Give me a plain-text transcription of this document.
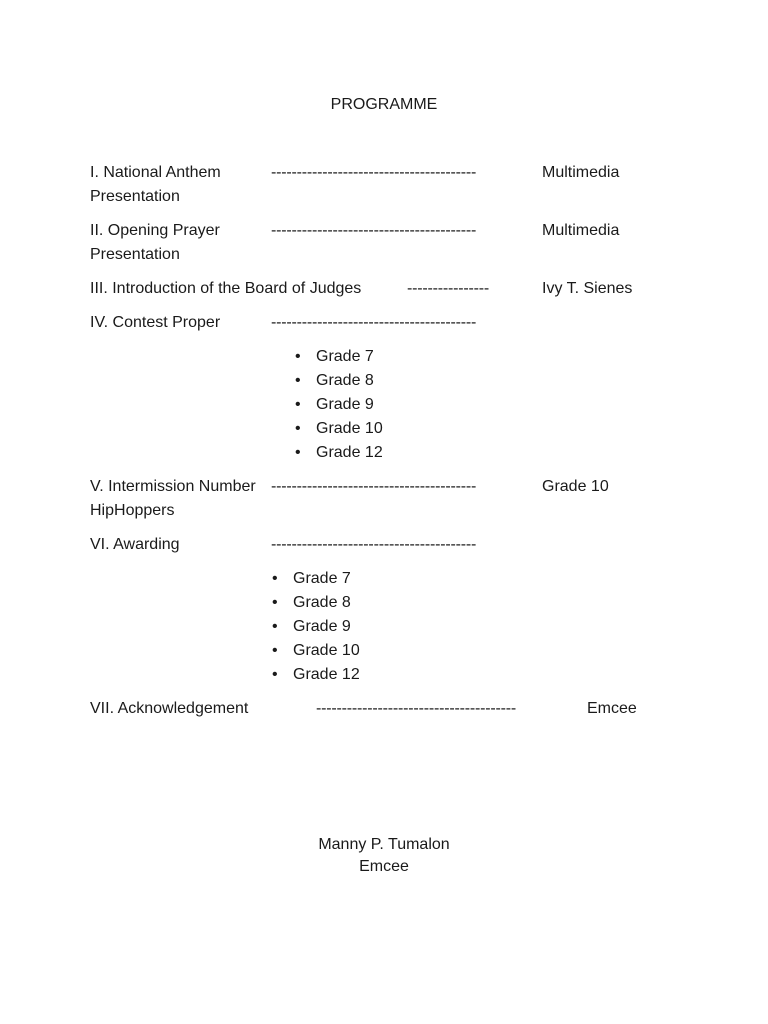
PROGRAMME
I. National Anthem
Presentation
----------------------------------------	Multimedia
II. Opening Prayer
Presentation
----------------------------------------	Multimedia
III. Introduction of the Board of Judges	----------------	Ivy T. Sienes
IV. Contest Proper	----------------------------------------
• Grade 7
• Grade 8
• Grade 9
• Grade 10
• Grade 12
V. Intermission Number
HipHoppers
----------------------------------------	Grade 10
VI. Awarding	----------------------------------------
• Grade 7
• Grade 8
• Grade 9
• Grade 10
• Grade 12
VII. Acknowledgement	---------------------------------------	Emcee
Manny P. Tumalon
Emcee
